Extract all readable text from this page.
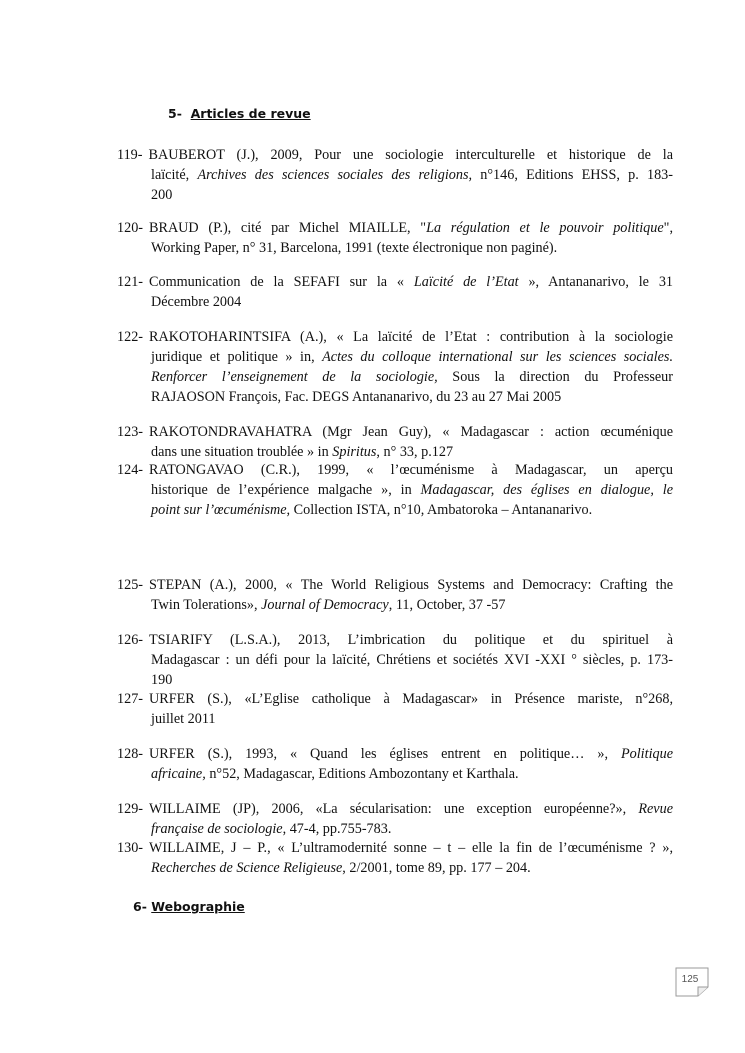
5- Articles de revue
119- BAUBEROT (J.), 2009, Pour une sociologie interculturelle et historique de la
laïcité, Archives des sciences sociales des religions, n°146, Editions EHSS, p. 183-
200
120- BRAUD (P.), cité par Michel MIAILLE, "La régulation et le pouvoir politique",
Working Paper, n° 31, Barcelona, 1991 (texte électronique non paginé).
121- Communication de la SEFAFI sur la « Laïcité de l’Etat », Antananarivo, le 31
Décembre 2004
122- RAKOTOHARINTSIFA (A.), « La laïcité de l’Etat : contribution à la sociologie
juridique et politique » in, Actes du colloque international sur les sciences sociales.
Renforcer l’enseignement de la sociologie, Sous la direction du Professeur
RAJAOSON François, Fac. DEGS Antananarivo, du 23 au 27 Mai 2005
123- RAKOTONDRAVAHATRA (Mgr Jean Guy), « Madagascar : action œcuménique
dans une situation troublée » in Spiritus, n° 33, p.127
124- RATONGAVAO (C.R.), 1999, « l’œcuménisme à Madagascar, un aperçu
historique de l’expérience malgache », in Madagascar, des églises en dialogue, le
point sur l’œcuménisme, Collection ISTA, n°10, Ambatoroka – Antananarivo.
125- STEPAN (A.), 2000, « The World Religious Systems and Democracy: Crafting the
Twin Tolerations», Journal of Democracy, 11, October, 37 -57
126- TSIARIFY (L.S.A.), 2013, L’imbrication du politique et du spirituel à
Madagascar : un défi pour la laïcité, Chrétiens et sociétés XVI -XXI ° siècles, p. 173-
190
127- URFER (S.), «L’Eglise catholique à Madagascar» in Présence mariste, n°268,
juillet 2011
128- URFER (S.), 1993, « Quand les églises entrent en politique… », Politique
africaine, n°52, Madagascar, Editions Ambozontany et Karthala.
129- WILLAIME (JP), 2006, «La sécularisation: une exception européenne?», Revue
française de sociologie, 47-4, pp.755-783.
130- WILLAIME, J – P., « L’ultramodernité sonne – t – elle la fin de l’œcuménisme ? »,
Recherches de Science Religieuse, 2/2001, tome 89, pp. 177 – 204.
6- Webographie
125
